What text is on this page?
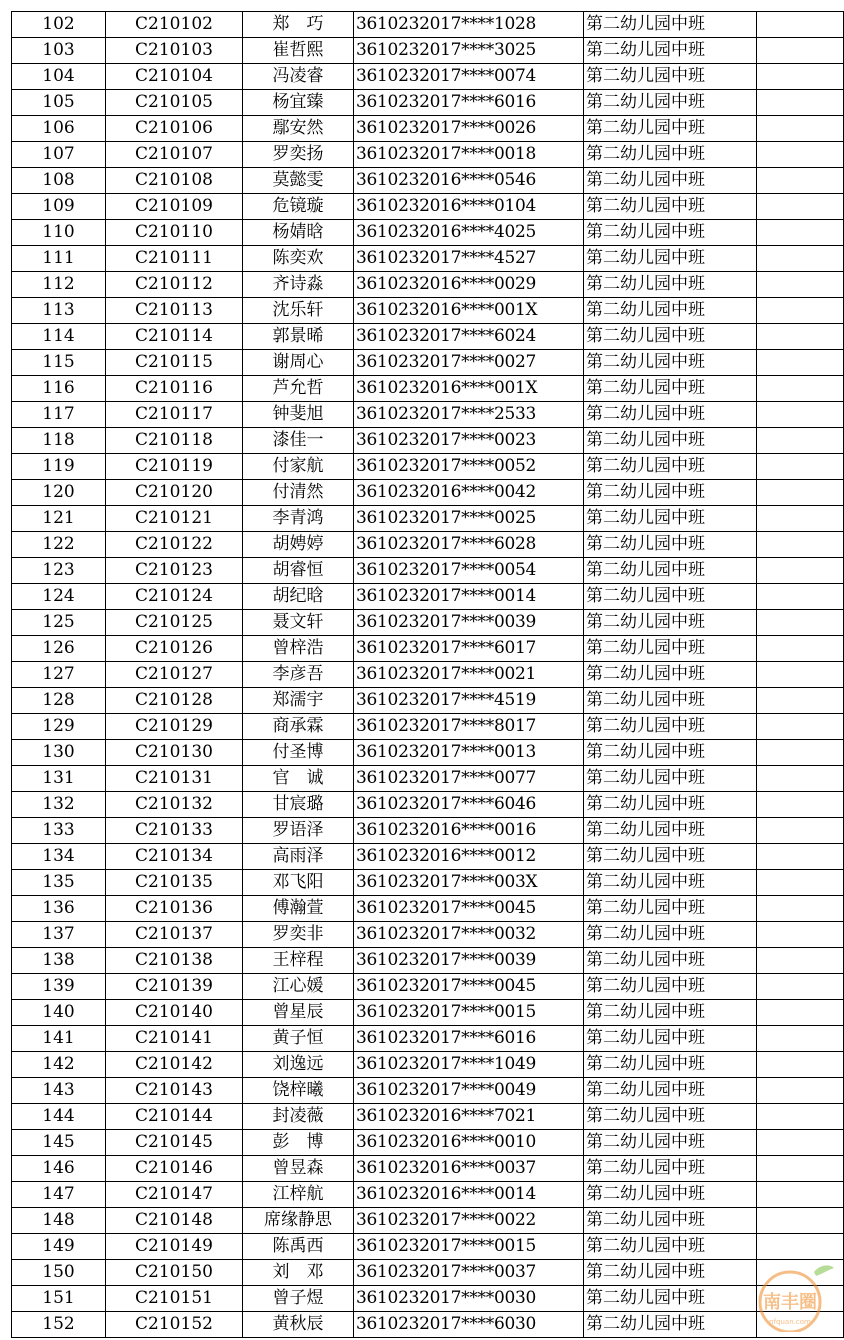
102	C210102	郑　巧	3610232017****1028	第二幼儿园中班	
103	C210103	崔哲熙	3610232017****3025	第二幼儿园中班	
104	C210104	冯凌睿	3610232017****0074	第二幼儿园中班	
105	C210105	杨宜臻	3610232017****6016	第二幼儿园中班	
106	C210106	鄢安然	3610232017****0026	第二幼儿园中班	
107	C210107	罗奕扬	3610232017****0018	第二幼儿园中班	
108	C210108	莫懿雯	3610232016****0546	第二幼儿园中班	
109	C210109	危镜璇	3610232016****0104	第二幼儿园中班	
110	C210110	杨婧晗	3610232016****4025	第二幼儿园中班	
111	C210111	陈奕欢	3610232017****4527	第二幼儿园中班	
112	C210112	齐诗淼	3610232016****0029	第二幼儿园中班	
113	C210113	沈乐轩	3610232016****001X	第二幼儿园中班	
114	C210114	郭景晞	3610232017****6024	第二幼儿园中班	
115	C210115	谢周心	3610232017****0027	第二幼儿园中班	
116	C210116	芦允哲	3610232016****001X	第二幼儿园中班	
117	C210117	钟斐旭	3610232017****2533	第二幼儿园中班	
118	C210118	漆佳一	3610232017****0023	第二幼儿园中班	
119	C210119	付家航	3610232017****0052	第二幼儿园中班	
120	C210120	付清然	3610232016****0042	第二幼儿园中班	
121	C210121	李青鸿	3610232017****0025	第二幼儿园中班	
122	C210122	胡娉婷	3610232017****6028	第二幼儿园中班	
123	C210123	胡睿恒	3610232017****0054	第二幼儿园中班	
124	C210124	胡纪晗	3610232017****0014	第二幼儿园中班	
125	C210125	聂文轩	3610232017****0039	第二幼儿园中班	
126	C210126	曾梓浩	3610232017****6017	第二幼儿园中班	
127	C210127	李彦吾	3610232017****0021	第二幼儿园中班	
128	C210128	郑濡宇	3610232017****4519	第二幼儿园中班	
129	C210129	商承霖	3610232017****8017	第二幼儿园中班	
130	C210130	付圣博	3610232017****0013	第二幼儿园中班	
131	C210131	官　诚	3610232017****0077	第二幼儿园中班	
132	C210132	甘宸璐	3610232017****6046	第二幼儿园中班	
133	C210133	罗语泽	3610232016****0016	第二幼儿园中班	
134	C210134	高雨泽	3610232016****0012	第二幼儿园中班	
135	C210135	邓飞阳	3610232017****003X	第二幼儿园中班	
136	C210136	傅瀚萱	3610232017****0045	第二幼儿园中班	
137	C210137	罗奕非	3610232017****0032	第二幼儿园中班	
138	C210138	王梓程	3610232017****0039	第二幼儿园中班	
139	C210139	江心媛	3610232017****0045	第二幼儿园中班	
140	C210140	曾星辰	3610232017****0015	第二幼儿园中班	
141	C210141	黄子恒	3610232017****6016	第二幼儿园中班	
142	C210142	刘逸远	3610232017****1049	第二幼儿园中班	
143	C210143	饶梓曦	3610232017****0049	第二幼儿园中班	
144	C210144	封凌薇	3610232016****7021	第二幼儿园中班	
145	C210145	彭　博	3610232016****0010	第二幼儿园中班	
146	C210146	曾昱森	3610232016****0037	第二幼儿园中班	
147	C210147	江梓航	3610232016****0014	第二幼儿园中班	
148	C210148	席缘静思	3610232017****0022	第二幼儿园中班	
149	C210149	陈禹西	3610232017****0015	第二幼儿园中班	
150	C210150	刘　邓	3610232017****0037	第二幼儿园中班	
151	C210151	曾子煜	3610232017****0030	第二幼儿园中班	
152	C210152	黄秋辰	3610232017****6030	第二幼儿园中班	
南丰圈
nfquan.com
